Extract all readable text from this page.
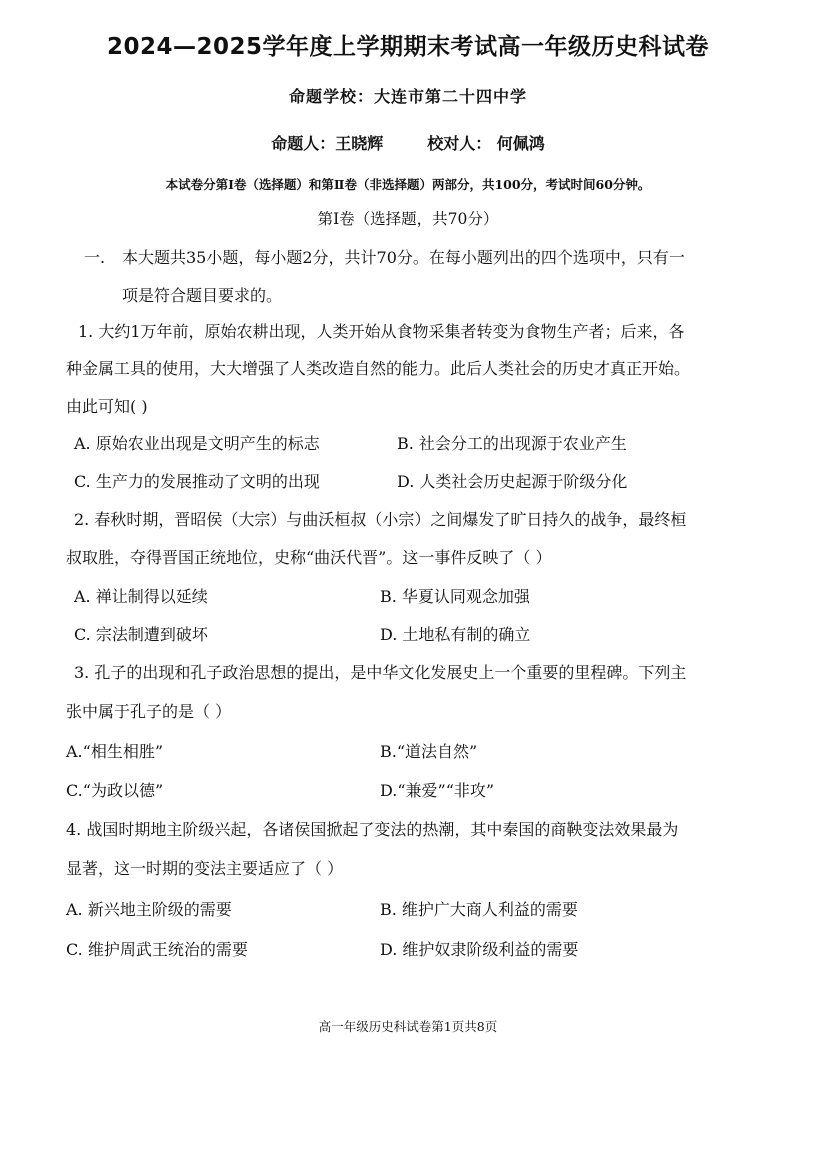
2024—2025学年度上学期期末考试高一年级历史科试卷
命题学校：大连市第二十四中学
命题人：王晓辉	校对人： 何佩鸿
本试卷分第Ⅰ卷（选择题）和第Ⅱ卷（非选择题）两部分，共100分，考试时间60分钟。
第Ⅰ卷（选择题，共70分）
一. 本大题共35小题，每小题2分，共计70分。在每小题列出的四个选项中，只有一
项是符合题目要求的。
1. 大约1万年前，原始农耕出现，人类开始从食物采集者转变为食物生产者；后来，各
种金属工具的使用，大大增强了人类改造自然的能力。此后人类社会的历史才真正开始。
由此可知( )
A. 原始农业出现是文明产生的标志	B. 社会分工的出现源于农业产生
C. 生产力的发展推动了文明的出现	D. 人类社会历史起源于阶级分化
2. 春秋时期，晋昭侯（大宗）与曲沃桓叔（小宗）之间爆发了旷日持久的战争，最终桓
叔取胜，夺得晋国正统地位，史称“曲沃代晋”。这一事件反映了（ ）
A. 禅让制得以延续	B. 华夏认同观念加强
C. 宗法制遭到破坏	D. 土地私有制的确立
3. 孔子的出现和孔子政治思想的提出，是中华文化发展史上一个重要的里程碑。下列主
张中属于孔子的是（ ）
A.“相生相胜”	B.“道法自然”
C.“为政以德”	D.“兼爱”“非攻”
4. 战国时期地主阶级兴起，各诸侯国掀起了变法的热潮，其中秦国的商鞅变法效果最为
显著，这一时期的变法主要适应了（ ）
A. 新兴地主阶级的需要	B. 维护广大商人利益的需要
C. 维护周武王统治的需要	D. 维护奴隶阶级利益的需要
高一年级历史科试卷第1页共8页
